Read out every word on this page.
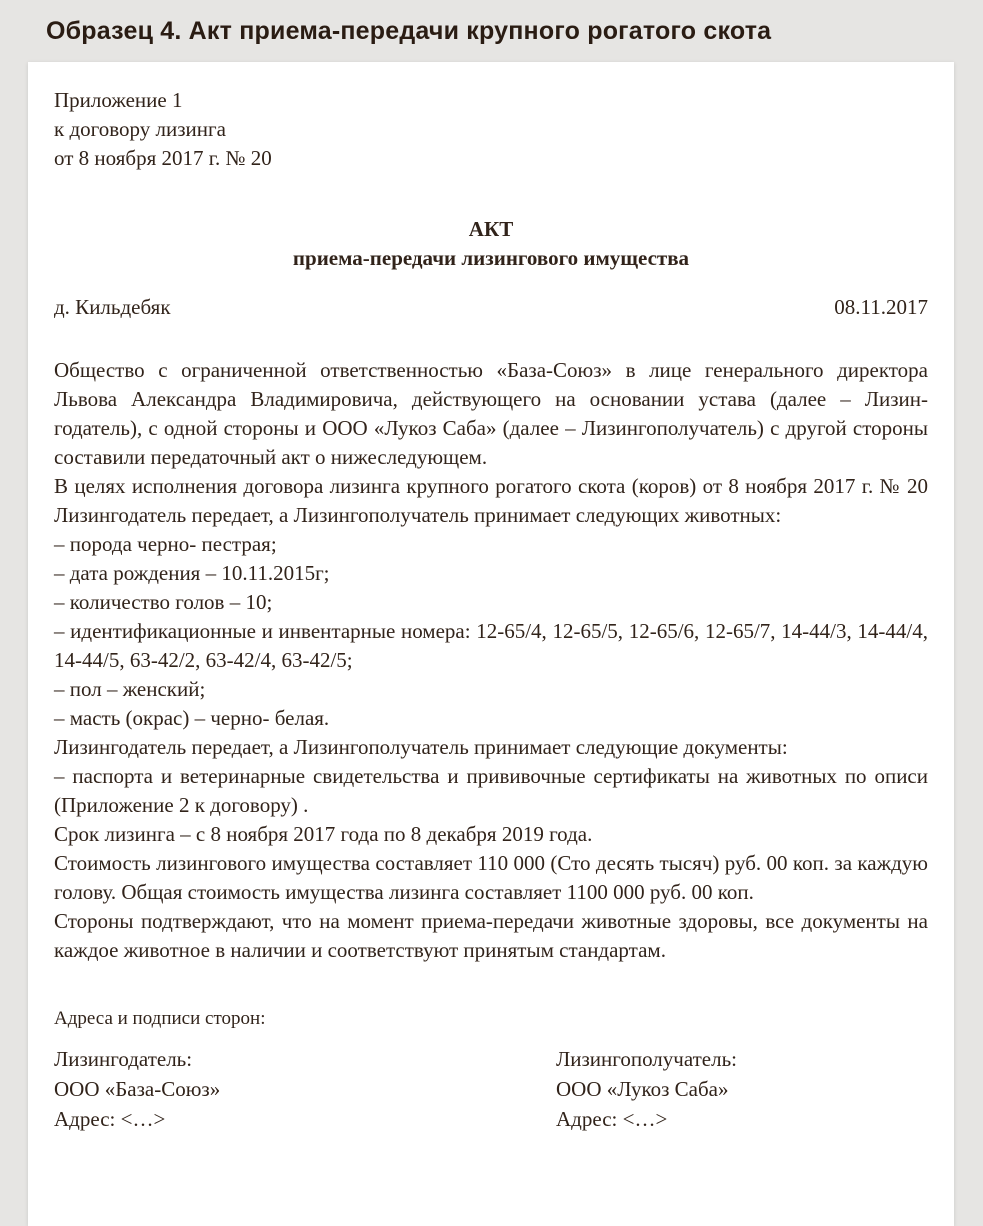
Образец 4. Акт приема-передачи крупного рогатого скота
Приложение 1
к договору лизинга
от 8 ноября 2017 г. № 20
АКТ
приема-передачи лизингового имущества
д. Кильдебяк	08.11.2017

Общество с ограниченной ответственностью «База-Союз» в лице генерального директора Львова Александра Владимировича, действующего на основании устава (далее – Лизингодатель), с одной стороны и ООО «Лукоз Саба» (далее – Лизингополучатель) с другой стороны составили передаточный акт о нижеследующем.

В целях исполнения договора лизинга крупного рогатого скота (коров) от 8 ноября 2017 г. № 20 Лизингодатель передает, а Лизингополучатель принимает следующих животных:

– порода черно- пестрая;

– дата рождения – 10.11.2015г;

– количество голов – 10;

– идентификационные и инвентарные номера: 12-65/4, 12-65/5, 12-65/6, 12-65/7, 14-44/3, 14-44/4, 14-44/5, 63-42/2, 63-42/4, 63-42/5;

– пол – женский;

– масть (окрас) – черно- белая.

Лизингодатель передает, а Лизингополучатель принимает следующие документы:

– паспорта и ветеринарные свидетельства и прививочные сертификаты на животных по описи (Приложение 2 к договору) .

Срок лизинга – с 8 ноября 2017 года по 8 декабря 2019 года.

Стоимость лизингового имущества составляет 110 000 (Сто десять тысяч) руб. 00 коп. за каждую голову. Общая стоимость имущества лизинга составляет 1100 000 руб. 00 коп.

Стороны подтверждают, что на момент приема-передачи животные здоровы, все документы на каждое животное в наличии и соответствуют принятым стандартам.

Адреса и подписи сторон:
Лизингодатель:
ООО «База-Союз»
Адрес: <…>
Лизингополучатель:
ООО «Лукоз Саба»
Адрес: <…>
